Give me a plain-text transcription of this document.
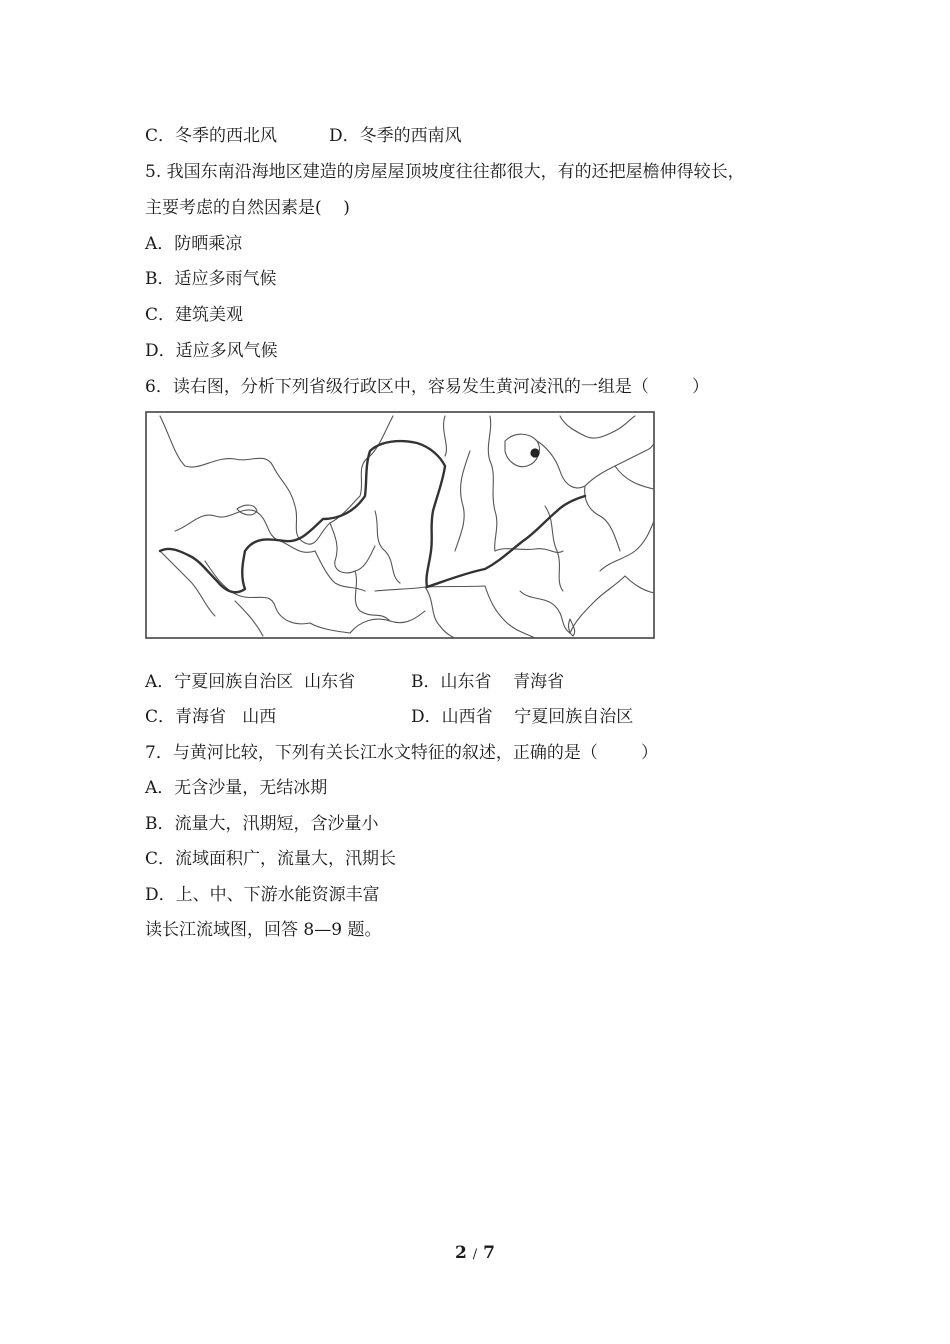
C．冬季的西北风

	D．冬季的西南风

5. 我国东南沿海地区建造的房屋屋顶坡度往往都很大，有的还把屋檐伸得较长，
主要考虑的自然因素是(    )
A．防晒乘凉
B．适应多雨气候
C．建筑美观
D．适应多风气候
6．读右图，分析下列省级行政区中，容易发生黄河凌汛的一组是（        ）

A．宁夏回族自治区  山东省

	B．山东省    青海省

C．青海省   山西

	D．山西省    宁夏回族自治区

7．与黄河比较，下列有关长江水文特征的叙述，正确的是（        ）
A．无含沙量，无结冰期
B．流量大，汛期短，含沙量小
C．流域面积广，流量大，汛期长
D．上、中、下游水能资源丰富
读长江流域图，回答 8—9 题。
2 / 7
